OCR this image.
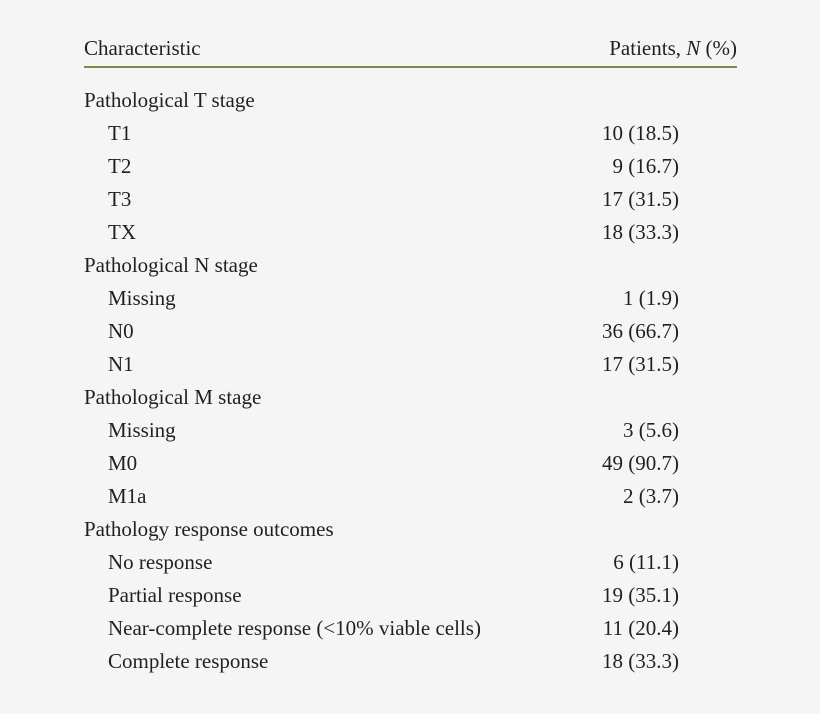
Characteristic	Patients, N (%)
Pathological T stage
T1	10 (18.5)
T2	9 (16.7)
T3	17 (31.5)
TX	18 (33.3)
Pathological N stage
Missing	1 (1.9)
N0	36 (66.7)
N1	17 (31.5)
Pathological M stage
Missing	3 (5.6)
M0	49 (90.7)
M1a	2 (3.7)
Pathology response outcomes
No response	6 (11.1)
Partial response	19 (35.1)
Near-complete response (<10% viable cells)	11 (20.4)
Complete response	18 (33.3)
